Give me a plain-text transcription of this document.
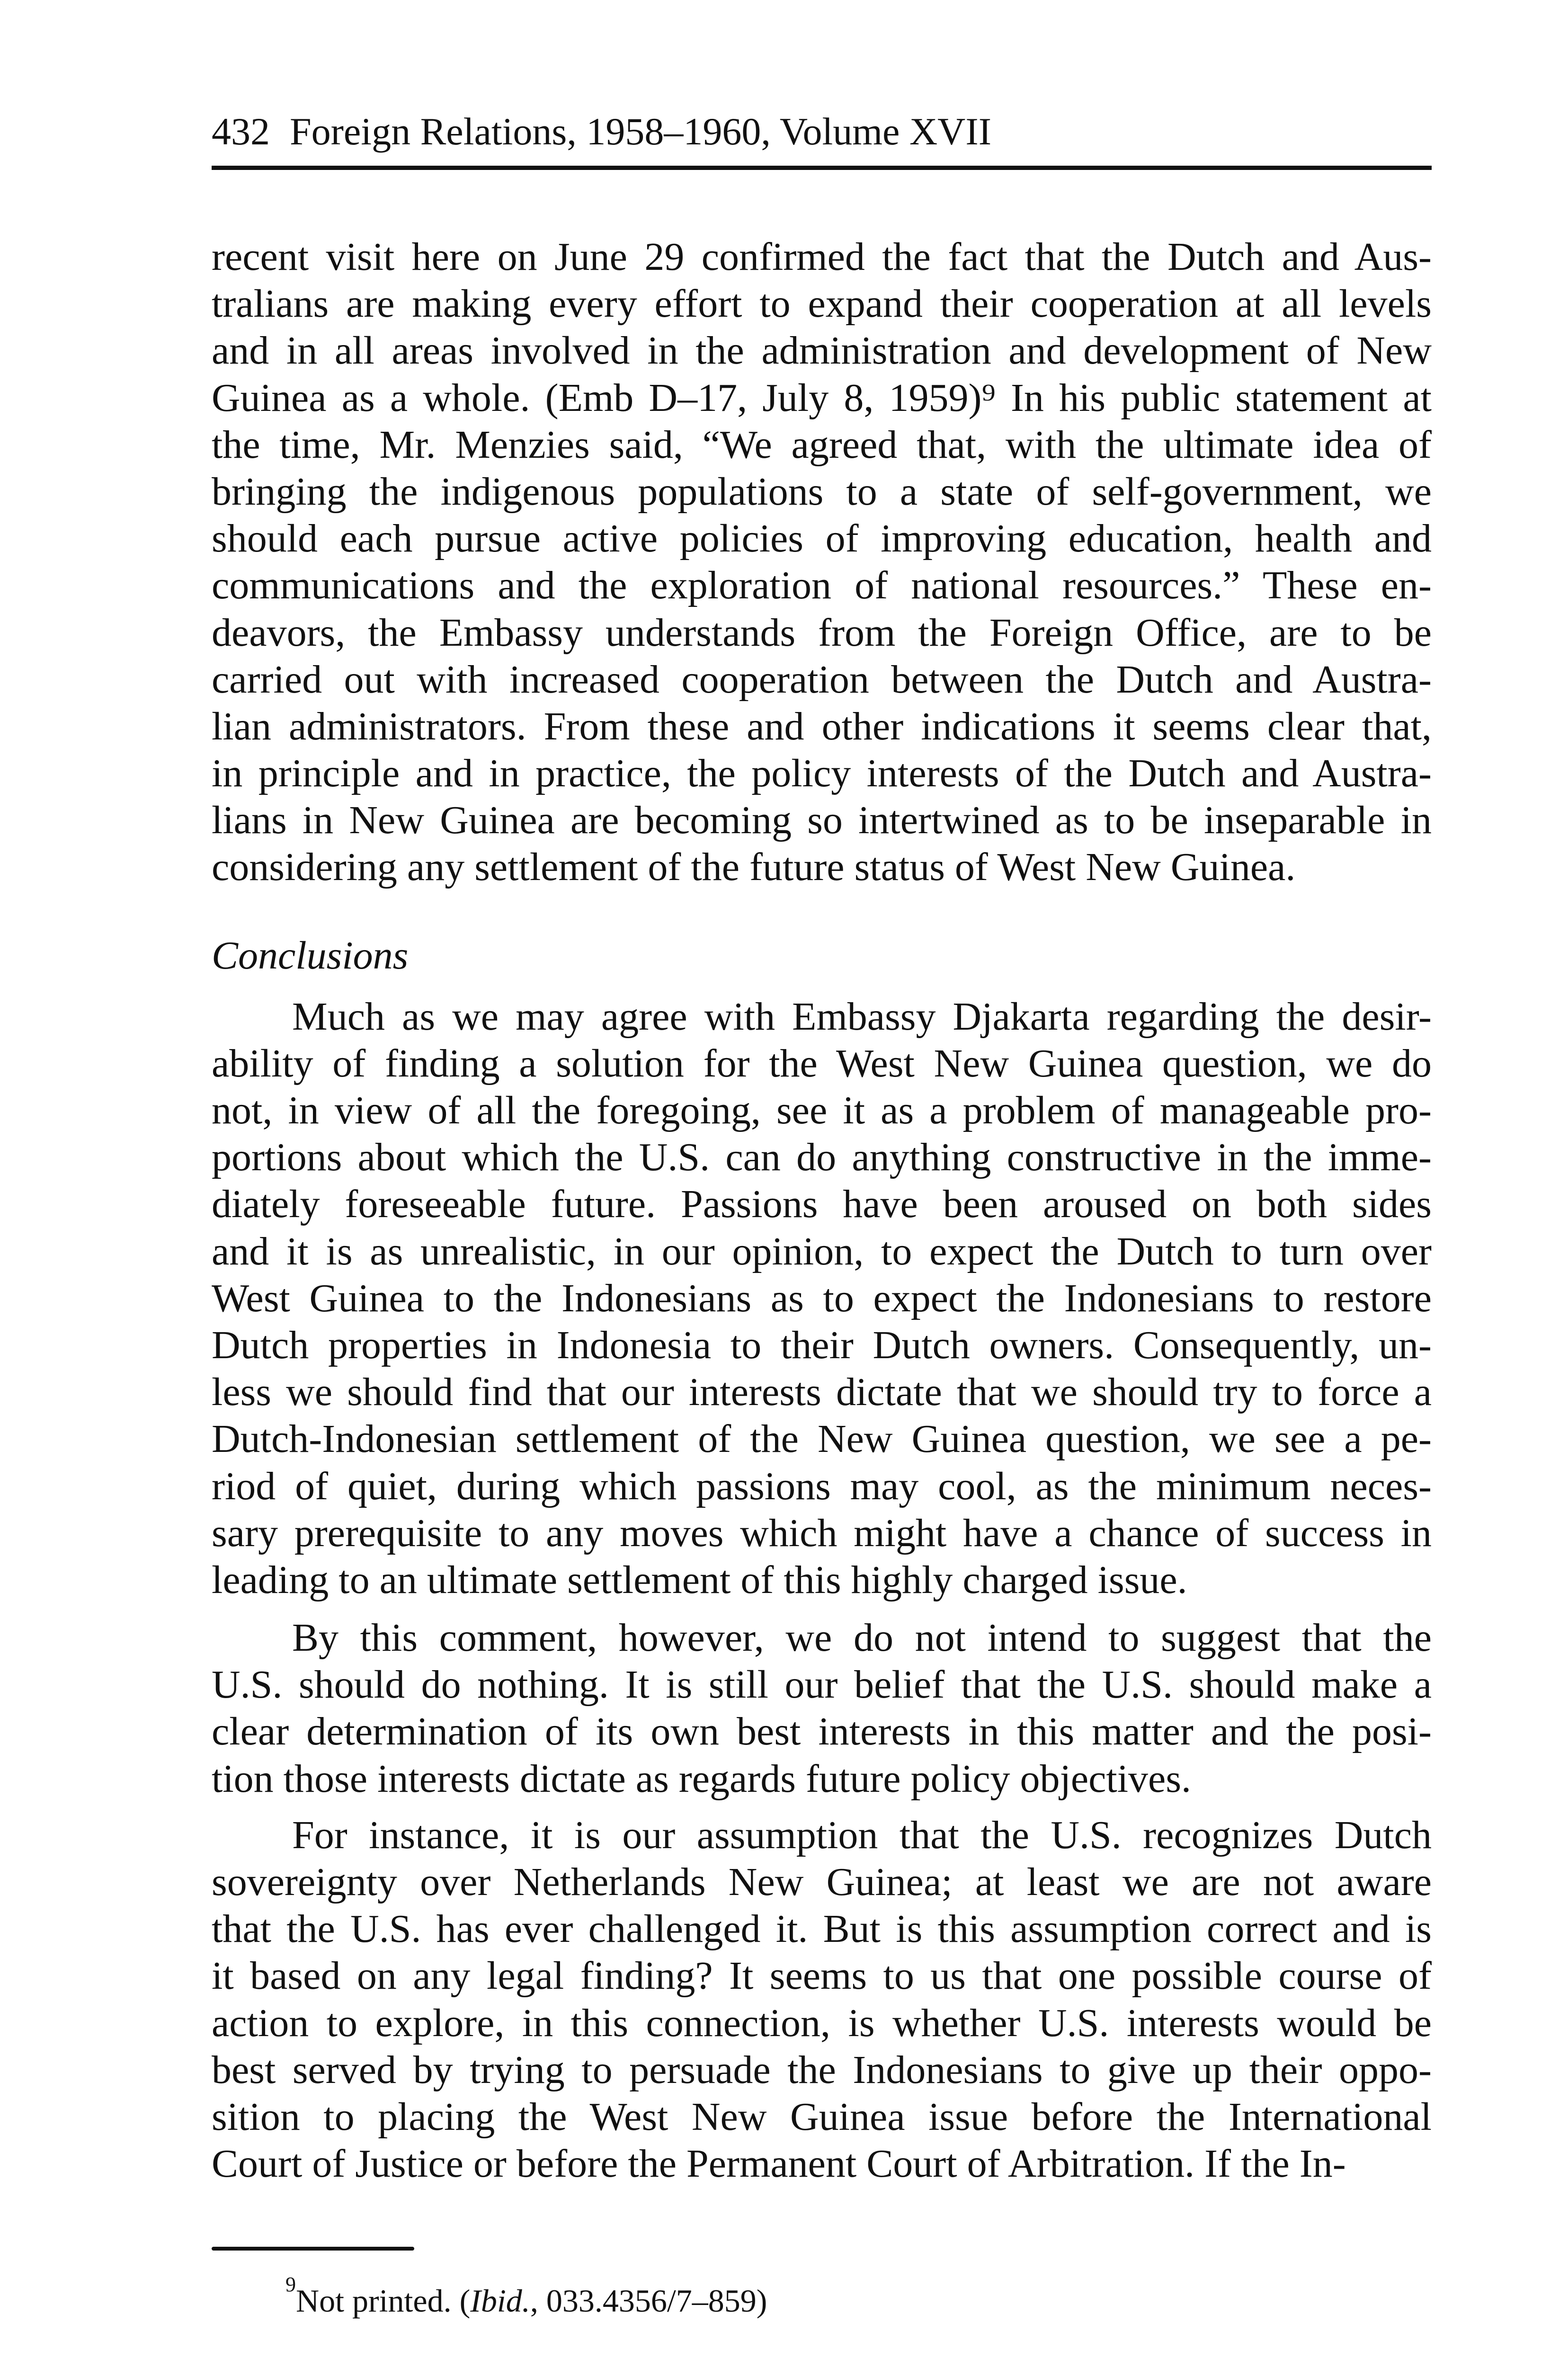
432 Foreign Relations, 1958–1960, Volume XVII
recent visit here on June 29 confirmed the fact that the Dutch and Aus-
tralians are making every effort to expand their cooperation at all levels
and in all areas involved in the administration and development of New
Guinea as a whole. (Emb D–17, July 8, 1959)⁹ In his public statement at
the time, Mr. Menzies said, “We agreed that, with the ultimate idea of
bringing the indigenous populations to a state of self-government, we
should each pursue active policies of improving education, health and
communications and the exploration of national resources.” These en-
deavors, the Embassy understands from the Foreign Office, are to be
carried out with increased cooperation between the Dutch and Austra-
lian administrators. From these and other indications it seems clear that,
in principle and in practice, the policy interests of the Dutch and Austra-
lians in New Guinea are becoming so intertwined as to be inseparable in
considering any settlement of the future status of West New Guinea.
Conclusions
Much as we may agree with Embassy Djakarta regarding the desir-
ability of finding a solution for the West New Guinea question, we do
not, in view of all the foregoing, see it as a problem of manageable pro-
portions about which the U.S. can do anything constructive in the imme-
diately foreseeable future. Passions have been aroused on both sides
and it is as unrealistic, in our opinion, to expect the Dutch to turn over
West Guinea to the Indonesians as to expect the Indonesians to restore
Dutch properties in Indonesia to their Dutch owners. Consequently, un-
less we should find that our interests dictate that we should try to force a
Dutch-Indonesian settlement of the New Guinea question, we see a pe-
riod of quiet, during which passions may cool, as the minimum neces-
sary prerequisite to any moves which might have a chance of success in
leading to an ultimate settlement of this highly charged issue.
By this comment, however, we do not intend to suggest that the
U.S. should do nothing. It is still our belief that the U.S. should make a
clear determination of its own best interests in this matter and the posi-
tion those interests dictate as regards future policy objectives.
For instance, it is our assumption that the U.S. recognizes Dutch
sovereignty over Netherlands New Guinea; at least we are not aware
that the U.S. has ever challenged it. But is this assumption correct and is
it based on any legal finding? It seems to us that one possible course of
action to explore, in this connection, is whether U.S. interests would be
best served by trying to persuade the Indonesians to give up their oppo-
sition to placing the West New Guinea issue before the International
Court of Justice or before the Permanent Court of Arbitration. If the In-
$^9$Not printed. (Ibid., 033.4356/7–859)
